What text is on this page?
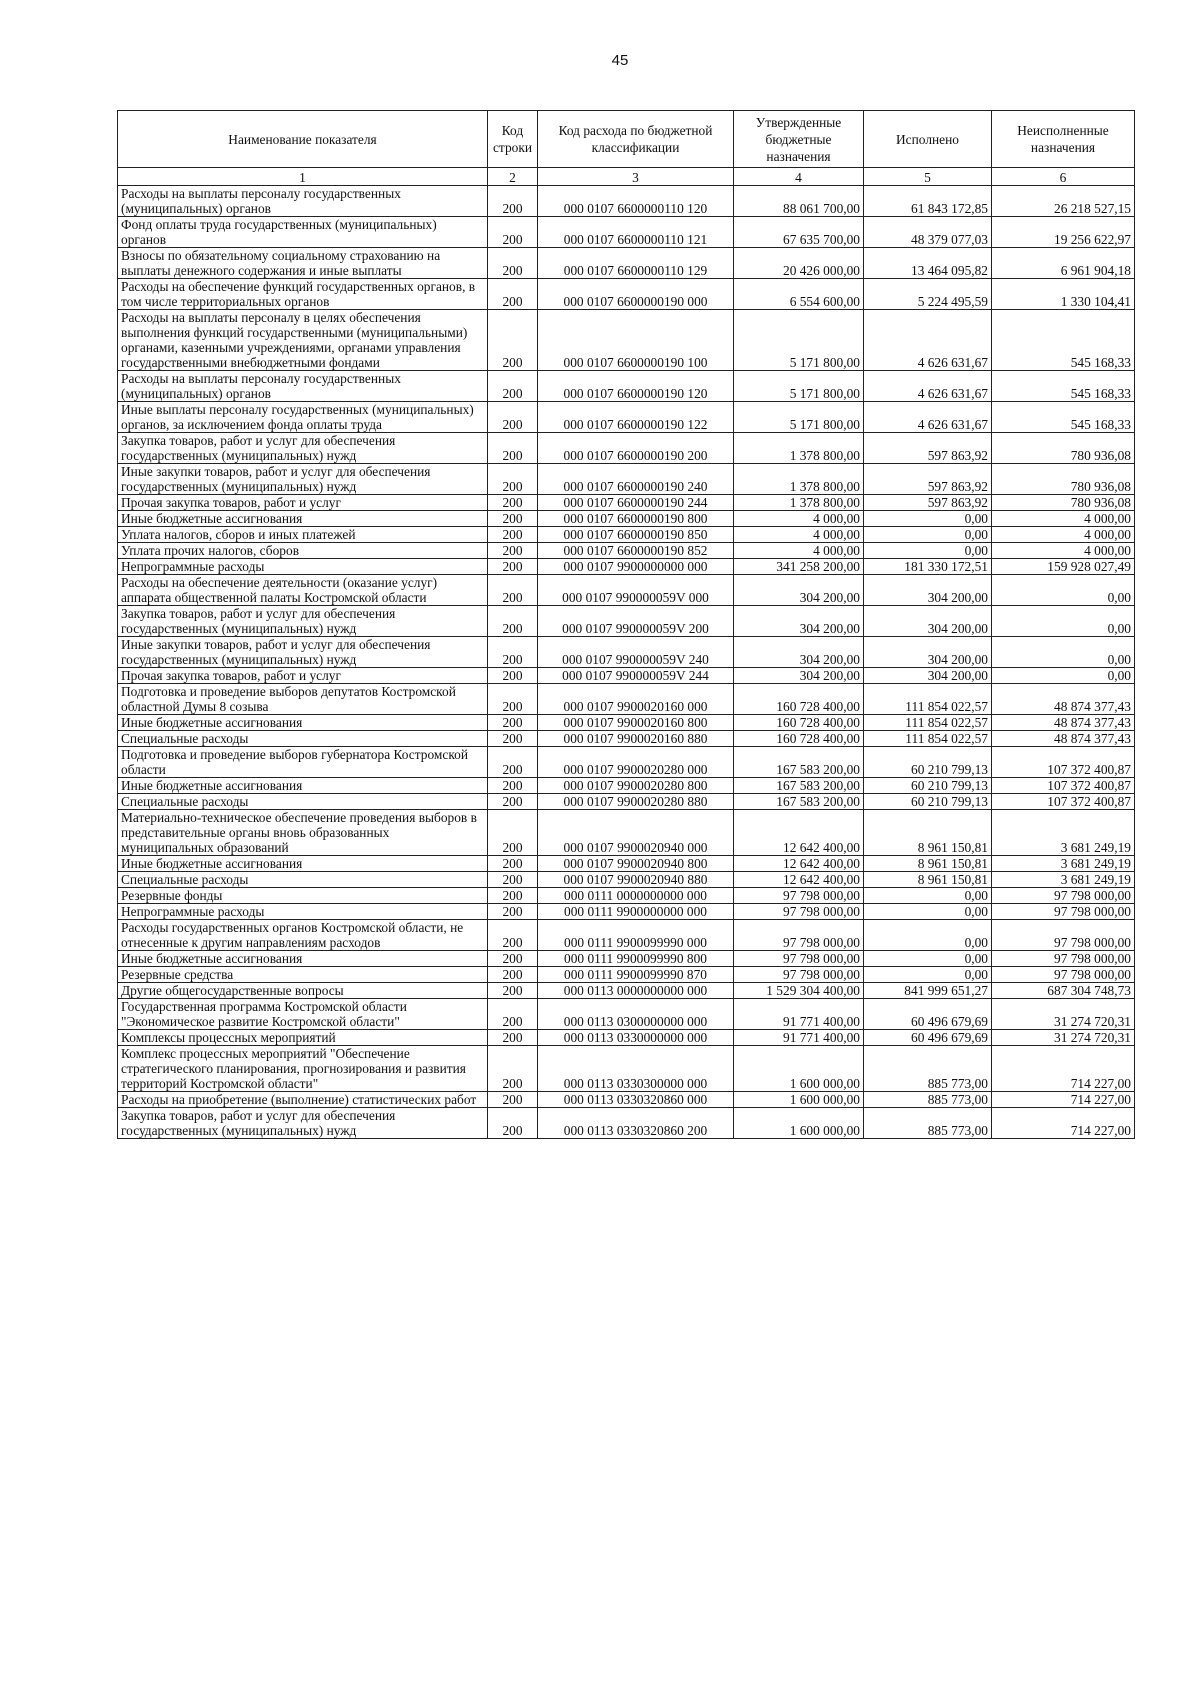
45
Наименование показателя	Код строки	Код расхода по бюджетной классификации	Утвержденные бюджетные назначения	Исполнено	Неисполненные назначения
1	2	3	4	5	6
Расходы на выплаты персоналу государственных (муниципальных) органов	200	000 0107 6600000110 120	88 061 700,00	61 843 172,85	26 218 527,15
Фонд оплаты труда государственных (муниципальных) органов	200	000 0107 6600000110 121	67 635 700,00	48 379 077,03	19 256 622,97
Взносы по обязательному социальному страхованию на выплаты денежного содержания и иные выплаты	200	000 0107 6600000110 129	20 426 000,00	13 464 095,82	6 961 904,18
Расходы на обеспечение функций государственных органов, в том числе территориальных органов	200	000 0107 6600000190 000	6 554 600,00	5 224 495,59	1 330 104,41
Расходы на выплаты персоналу в целях обеспечения выполнения функций государственными (муниципальными) органами, казенными учреждениями, органами управления государственными внебюджетными фондами	200	000 0107 6600000190 100	5 171 800,00	4 626 631,67	545 168,33
Расходы на выплаты персоналу государственных (муниципальных) органов	200	000 0107 6600000190 120	5 171 800,00	4 626 631,67	545 168,33
Иные выплаты персоналу государственных (муниципальных) органов, за исключением фонда оплаты труда	200	000 0107 6600000190 122	5 171 800,00	4 626 631,67	545 168,33
Закупка товаров, работ и услуг для обеспечения государственных (муниципальных) нужд	200	000 0107 6600000190 200	1 378 800,00	597 863,92	780 936,08
Иные закупки товаров, работ и услуг для обеспечения государственных (муниципальных) нужд	200	000 0107 6600000190 240	1 378 800,00	597 863,92	780 936,08
Прочая закупка товаров, работ и услуг	200	000 0107 6600000190 244	1 378 800,00	597 863,92	780 936,08
Иные бюджетные ассигнования	200	000 0107 6600000190 800	4 000,00	0,00	4 000,00
Уплата налогов, сборов и иных платежей	200	000 0107 6600000190 850	4 000,00	0,00	4 000,00
Уплата прочих налогов, сборов	200	000 0107 6600000190 852	4 000,00	0,00	4 000,00
Непрограммные расходы	200	000 0107 9900000000 000	341 258 200,00	181 330 172,51	159 928 027,49
Расходы на обеспечение деятельности (оказание услуг) аппарата общественной палаты Костромской области	200	000 0107 990000059V 000	304 200,00	304 200,00	0,00
Закупка товаров, работ и услуг для обеспечения государственных (муниципальных) нужд	200	000 0107 990000059V 200	304 200,00	304 200,00	0,00
Иные закупки товаров, работ и услуг для обеспечения государственных (муниципальных) нужд	200	000 0107 990000059V 240	304 200,00	304 200,00	0,00
Прочая закупка товаров, работ и услуг	200	000 0107 990000059V 244	304 200,00	304 200,00	0,00
Подготовка и проведение выборов депутатов Костромской областной Думы 8 созыва	200	000 0107 9900020160 000	160 728 400,00	111 854 022,57	48 874 377,43
Иные бюджетные ассигнования	200	000 0107 9900020160 800	160 728 400,00	111 854 022,57	48 874 377,43
Специальные расходы	200	000 0107 9900020160 880	160 728 400,00	111 854 022,57	48 874 377,43
Подготовка и проведение выборов губернатора Костромской области	200	000 0107 9900020280 000	167 583 200,00	60 210 799,13	107 372 400,87
Иные бюджетные ассигнования	200	000 0107 9900020280 800	167 583 200,00	60 210 799,13	107 372 400,87
Специальные расходы	200	000 0107 9900020280 880	167 583 200,00	60 210 799,13	107 372 400,87
Материально-техническое обеспечение проведения выборов в представительные органы вновь образованных муниципальных образований	200	000 0107 9900020940 000	12 642 400,00	8 961 150,81	3 681 249,19
Иные бюджетные ассигнования	200	000 0107 9900020940 800	12 642 400,00	8 961 150,81	3 681 249,19
Специальные расходы	200	000 0107 9900020940 880	12 642 400,00	8 961 150,81	3 681 249,19
Резервные фонды	200	000 0111 0000000000 000	97 798 000,00	0,00	97 798 000,00
Непрограммные расходы	200	000 0111 9900000000 000	97 798 000,00	0,00	97 798 000,00
Расходы государственных органов Костромской области, не отнесенные к другим направлениям расходов	200	000 0111 9900099990 000	97 798 000,00	0,00	97 798 000,00
Иные бюджетные ассигнования	200	000 0111 9900099990 800	97 798 000,00	0,00	97 798 000,00
Резервные средства	200	000 0111 9900099990 870	97 798 000,00	0,00	97 798 000,00
Другие общегосударственные вопросы	200	000 0113 0000000000 000	1 529 304 400,00	841 999 651,27	687 304 748,73
Государственная программа Костромской области "Экономическое развитие Костромской области"	200	000 0113 0300000000 000	91 771 400,00	60 496 679,69	31 274 720,31
Комплексы процессных мероприятий	200	000 0113 0330000000 000	91 771 400,00	60 496 679,69	31 274 720,31
Комплекс процессных мероприятий "Обеспечение стратегического планирования, прогнозирования и развития территорий Костромской области"	200	000 0113 0330300000 000	1 600 000,00	885 773,00	714 227,00
Расходы на приобретение (выполнение) статистических работ	200	000 0113 0330320860 000	1 600 000,00	885 773,00	714 227,00
Закупка товаров, работ и услуг для обеспечения государственных (муниципальных) нужд	200	000 0113 0330320860 200	1 600 000,00	885 773,00	714 227,00
